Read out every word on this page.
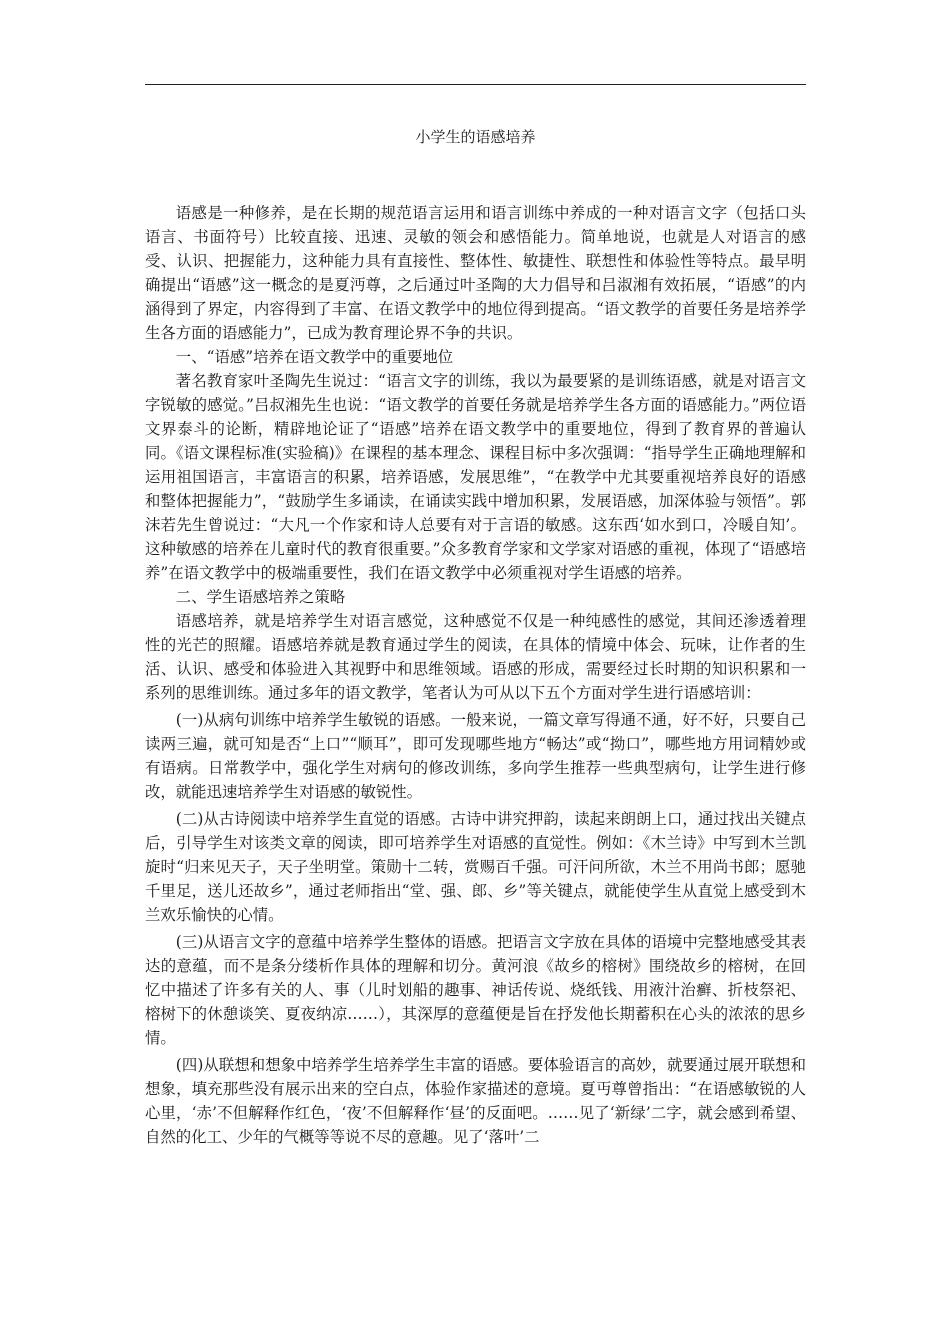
小学生的语感培养

语感是一种修养，是在长期的规范语言运用和语言训练中养成的一种对语言文字（包括口头语言、书面符号）比较直接、迅速、灵敏的领会和感悟能力。简单地说，也就是人对语言的感受、认识、把握能力，这种能力具有直接性、整体性、敏捷性、联想性和体验性等特点。最早明确提出“语感”这一概念的是夏沔尊，之后通过叶圣陶的大力倡导和吕淑湘有效拓展，“语感”的内涵得到了界定，内容得到了丰富、在语文教学中的地位得到提高。“语文教学的首要任务是培养学生各方面的语感能力”，已成为教育理论界不争的共识。

一、“语感”培养在语文教学中的重要地位

著名教育家叶圣陶先生说过：“语言文字的训练，我以为最要紧的是训练语感，就是对语言文字锐敏的感觉。”吕叔湘先生也说：“语文教学的首要任务就是培养学生各方面的语感能力。”两位语文界泰斗的论断，精辟地论证了“语感”培养在语文教学中的重要地位，得到了教育界的普遍认同。《语文课程标准(实验稿)》在课程的基本理念、课程目标中多次强调：“指导学生正确地理解和运用祖国语言，丰富语言的积累，培养语感，发展思维”，“在教学中尤其要重视培养良好的语感和整体把握能力”，“鼓励学生多诵读，在诵读实践中增加积累，发展语感，加深体验与领悟”。郭沫若先生曾说过：“大凡一个作家和诗人总要有对于言语的敏感。这东西‘如水到口，冷暖自知’。这种敏感的培养在儿童时代的教育很重要。”众多教育学家和文学家对语感的重视，体现了“语感培养”在语文教学中的极端重要性，我们在语文教学中必须重视对学生语感的培养。

二、学生语感培养之策略

语感培养，就是培养学生对语言感觉，这种感觉不仅是一种纯感性的感觉，其间还渗透着理性的光芒的照耀。语感培养就是教育通过学生的阅读，在具体的情境中体会、玩味，让作者的生活、认识、感受和体验进入其视野中和思维领域。语感的形成，需要经过长时期的知识积累和一系列的思维训练。通过多年的语文教学，笔者认为可从以下五个方面对学生进行语感培训：

(一)从病句训练中培养学生敏锐的语感。一般来说，一篇文章写得通不通，好不好，只要自己读两三遍，就可知是否“上口”“顺耳”，即可发现哪些地方“畅达”或“拗口”，哪些地方用词精妙或有语病。日常教学中，强化学生对病句的修改训练，多向学生推荐一些典型病句，让学生进行修改，就能迅速培养学生对语感的敏锐性。

(二)从古诗阅读中培养学生直觉的语感。古诗中讲究押韵，读起来朗朗上口，通过找出关键点后，引导学生对该类文章的阅读，即可培养学生对语感的直觉性。例如：《木兰诗》中写到木兰凯旋时“归来见天子，天子坐明堂。策勋十二转，赏赐百千强。可汗问所欲，木兰不用尚书郎；愿驰千里足，送儿还故乡”，通过老师指出“堂、强、郎、乡”等关键点，就能使学生从直觉上感受到木兰欢乐愉快的心情。

(三)从语言文字的意蕴中培养学生整体的语感。把语言文字放在具体的语境中完整地感受其表达的意蕴，而不是条分缕析作具体的理解和切分。黄河浪《故乡的榕树》围绕故乡的榕树，在回忆中描述了许多有关的人、事（儿时划船的趣事、神话传说、烧纸钱、用液汁治癣、折枝祭祀、榕树下的休憩谈笑、夏夜纳凉……），其深厚的意蕴便是旨在抒发他长期蓄积在心头的浓浓的思乡情。

(四)从联想和想象中培养学生培养学生丰富的语感。要体验语言的高妙，就要通过展开联想和想象，填充那些没有展示出来的空白点，体验作家描述的意境。夏丏尊曾指出：“在语感敏锐的人心里，‘赤’不但解释作红色，‘夜’不但解释作‘昼’的反面吧。……见了‘新绿’二字，就会感到希望、自然的化工、少年的气概等等说不尽的意趣。见了‘落叶’二
